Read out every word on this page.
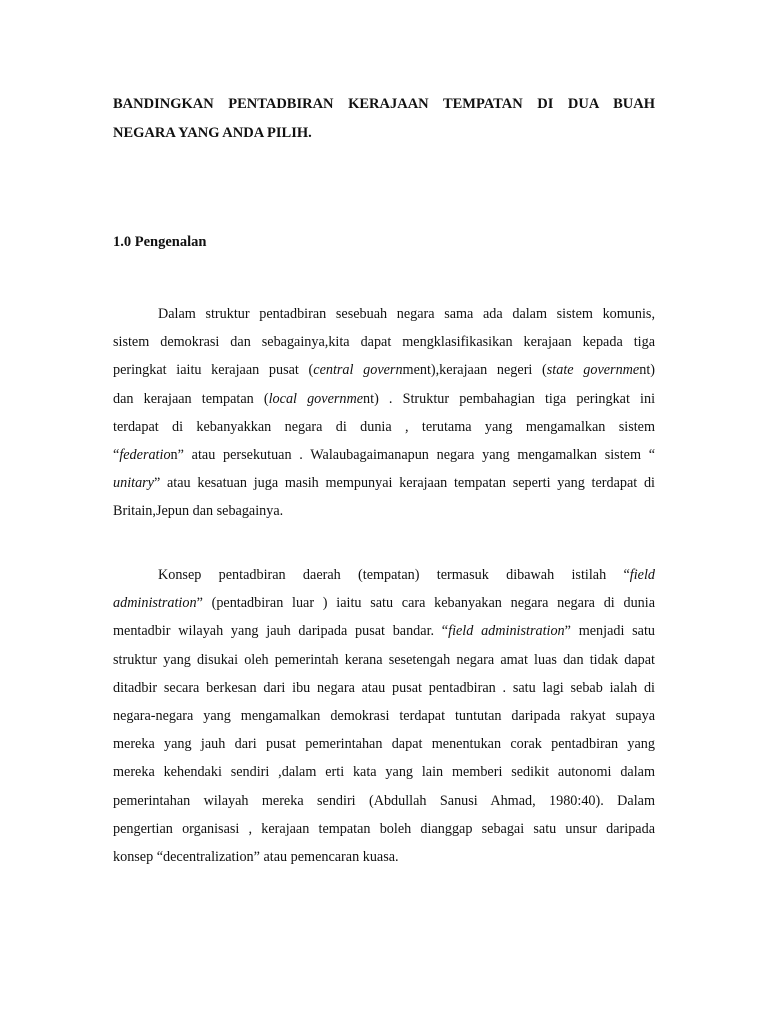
BANDINGKAN PENTADBIRAN KERAJAAN TEMPATAN DI DUA BUAH
NEGARA YANG ANDA PILIH.
1.0 Pengenalan
Dalam struktur pentadbiran sesebuah negara sama ada dalam sistem komunis,
sistem demokrasi dan sebagainya,kita dapat mengklasifikasikan kerajaan kepada tiga
peringkat iaitu kerajaan pusat (central government),kerajaan negeri (state government)
dan kerajaan tempatan (local government) . Struktur pembahagian tiga peringkat ini
terdapat di kebanyakkan negara di dunia , terutama yang mengamalkan sistem
“federation” atau persekutuan . Walaubagaimanapun negara yang mengamalkan sistem “
unitary” atau kesatuan juga masih mempunyai kerajaan tempatan seperti yang terdapat di
Britain,Jepun dan sebagainya.
Konsep pentadbiran daerah (tempatan) termasuk dibawah istilah “field
administration” (pentadbiran luar ) iaitu satu cara kebanyakan negara negara di dunia
mentadbir wilayah yang jauh daripada pusat bandar. “field administration” menjadi satu
struktur yang disukai oleh pemerintah kerana sesetengah negara amat luas dan tidak dapat
ditadbir secara berkesan dari ibu negara atau pusat pentadbiran . satu lagi sebab ialah di
negara-negara yang mengamalkan demokrasi terdapat tuntutan daripada rakyat supaya
mereka yang jauh dari pusat pemerintahan dapat menentukan corak pentadbiran yang
mereka kehendaki sendiri ,dalam erti kata yang lain memberi sedikit autonomi dalam
pemerintahan wilayah mereka sendiri (Abdullah Sanusi Ahmad, 1980:40). Dalam
pengertian organisasi , kerajaan tempatan boleh dianggap sebagai satu unsur daripada
konsep “decentralization” atau pemencaran kuasa.
